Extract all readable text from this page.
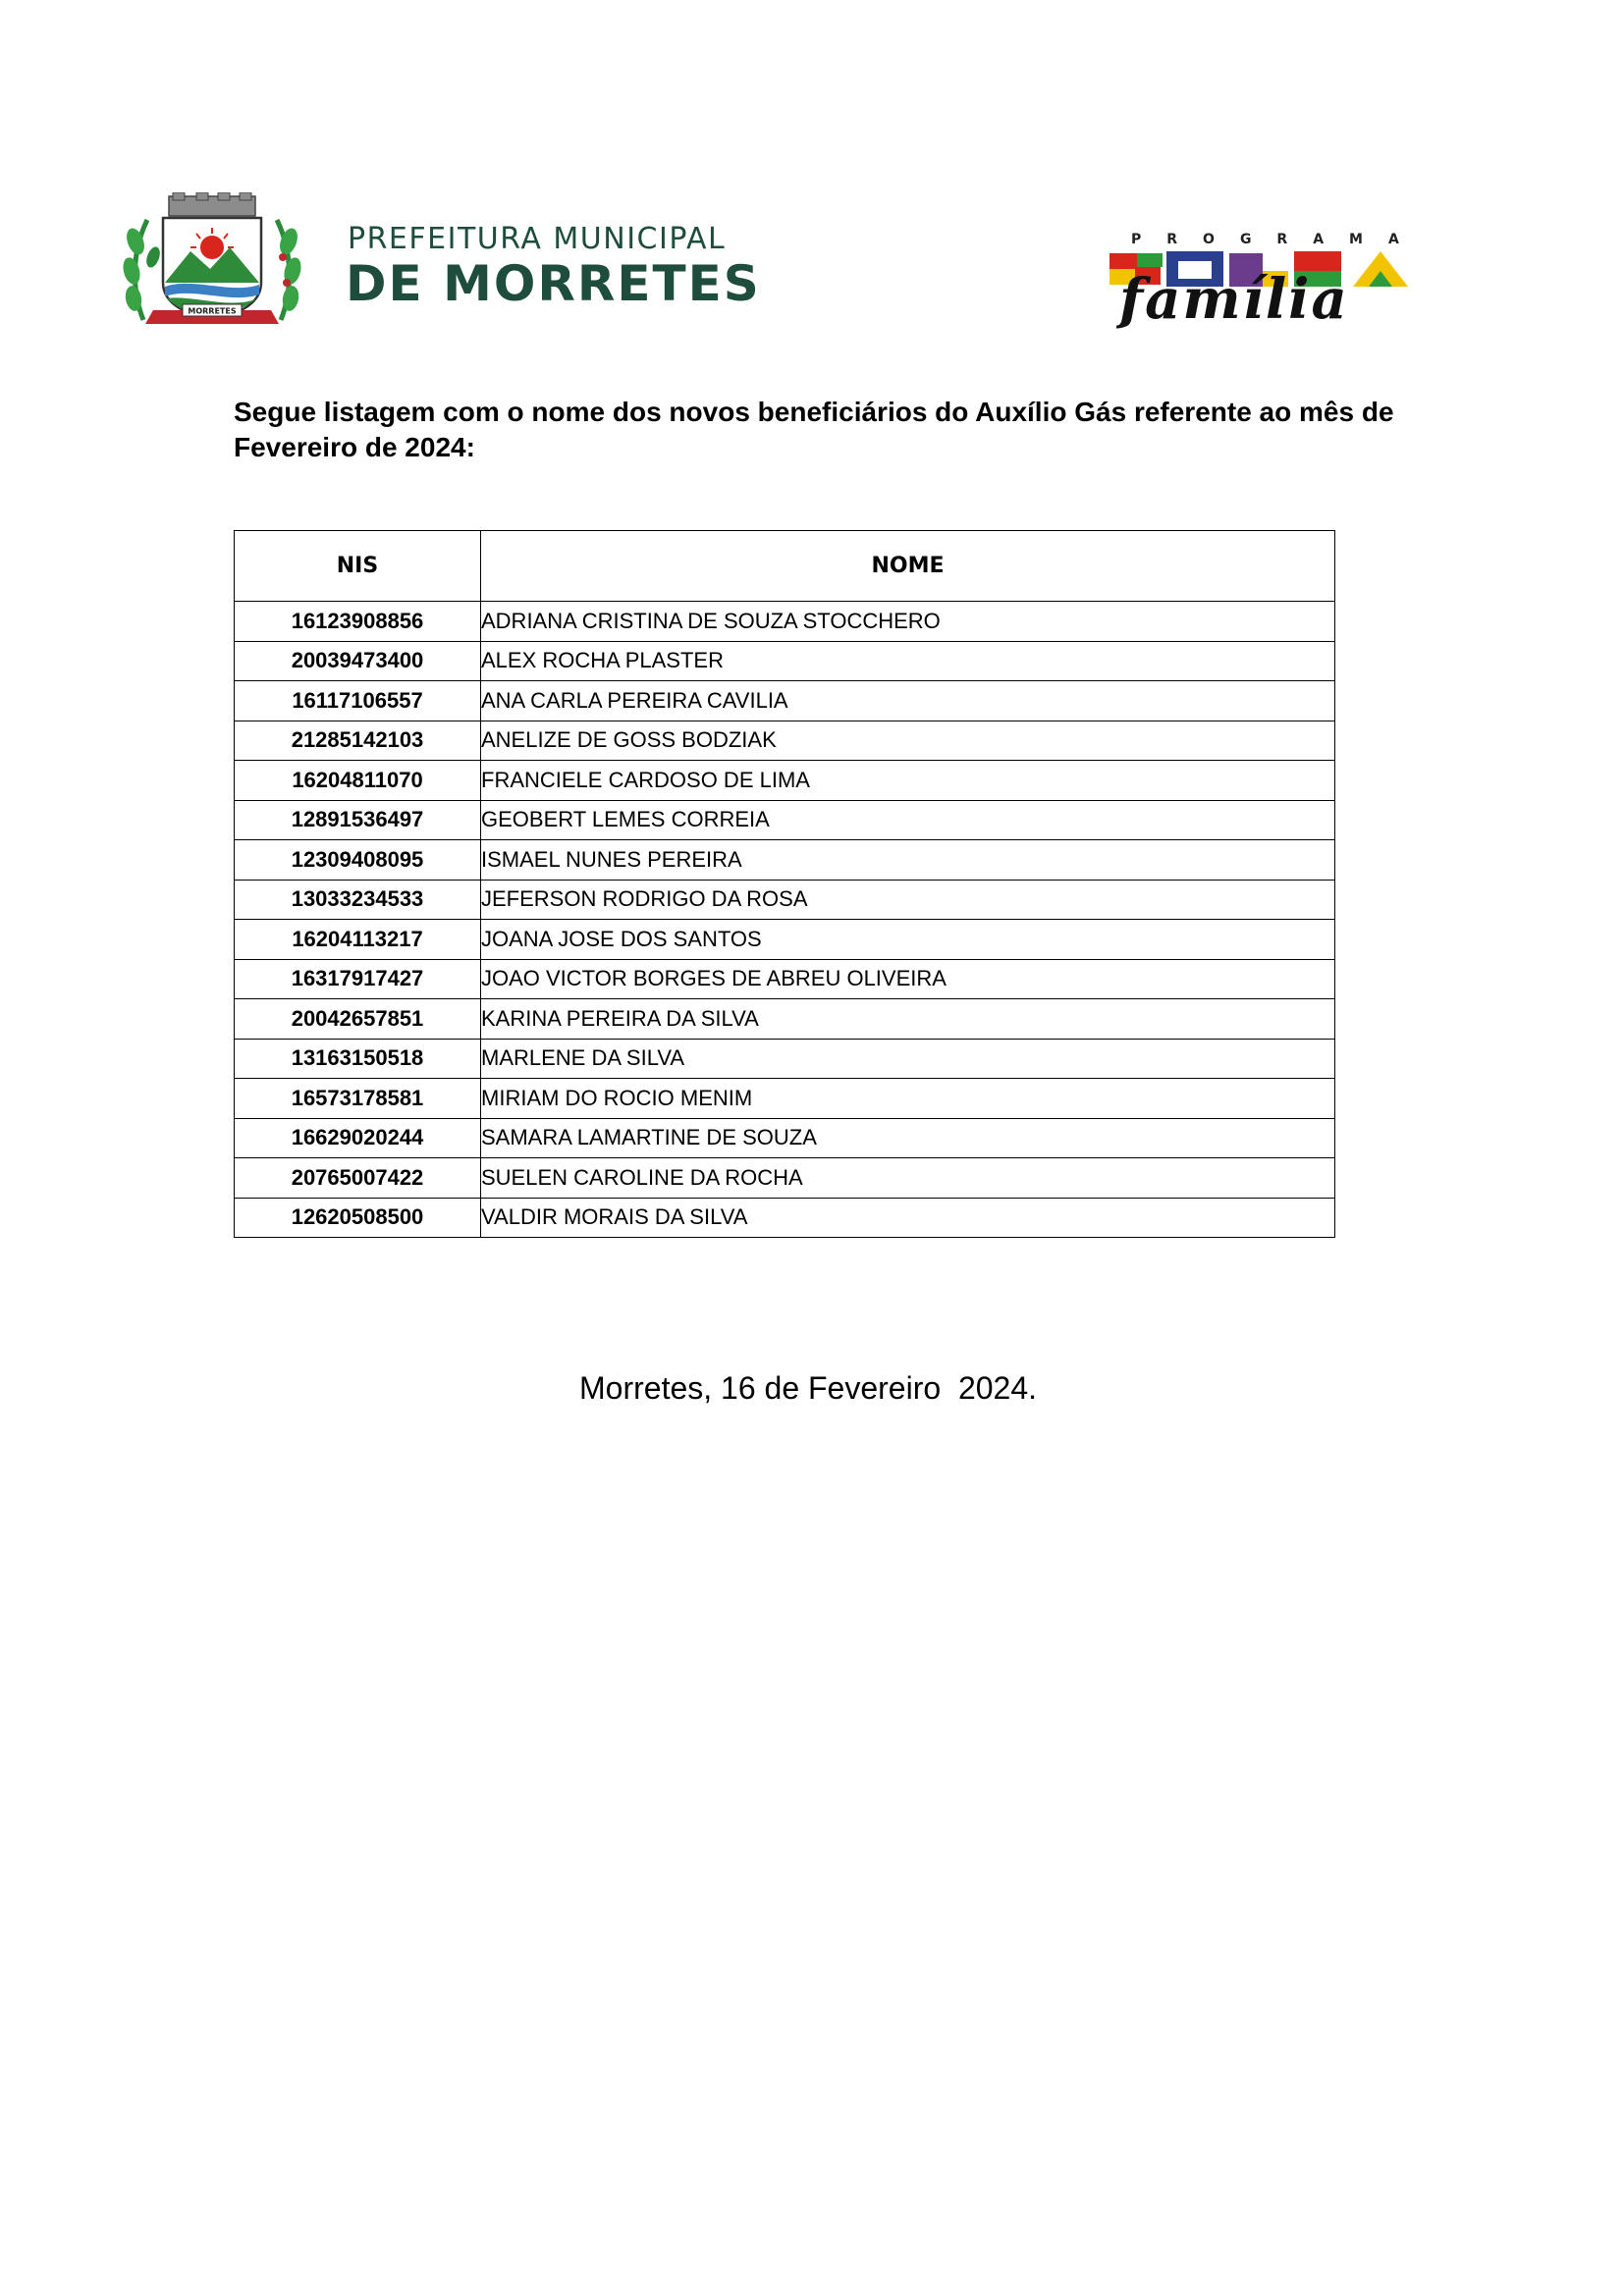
MORRETES
PREFEITURA MUNICIPAL
DE MORRETES
PROGRAMA
família
Segue listagem com o nome dos novos beneficiários do Auxílio Gás referente ao mês de Fevereiro de 2024:
NIS	NOME
16123908856	ADRIANA CRISTINA DE SOUZA STOCCHERO
20039473400	ALEX ROCHA PLASTER
16117106557	ANA CARLA PEREIRA CAVILIA
21285142103	ANELIZE DE GOSS BODZIAK
16204811070	FRANCIELE CARDOSO DE LIMA
12891536497	GEOBERT LEMES CORREIA
12309408095	ISMAEL NUNES PEREIRA
13033234533	JEFERSON RODRIGO DA ROSA
16204113217	JOANA JOSE DOS SANTOS
16317917427	JOAO VICTOR BORGES DE ABREU OLIVEIRA
20042657851	KARINA PEREIRA DA SILVA
13163150518	MARLENE DA SILVA
16573178581	MIRIAM DO ROCIO MENIM
16629020244	SAMARA LAMARTINE DE SOUZA
20765007422	SUELEN CAROLINE DA ROCHA
12620508500	VALDIR MORAIS DA SILVA
Morretes, 16 de Fevereiro  2024.
